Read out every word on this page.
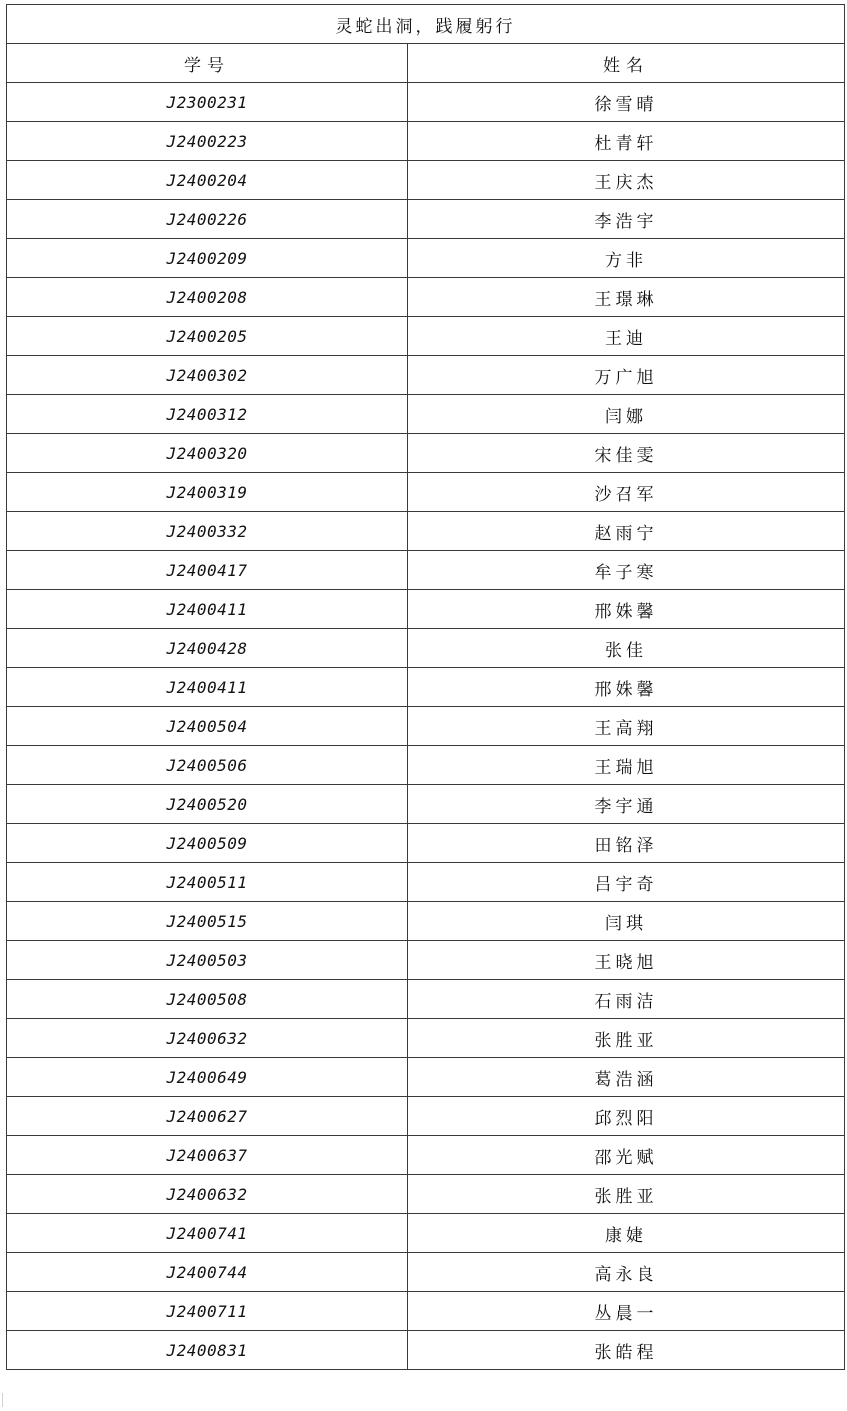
灵蛇出洞，践履躬行	
学号	姓名
J2300231	徐雪晴
J2400223	杜青轩
J2400204	王庆杰
J2400226	李浩宇
J2400209	方非
J2400208	王璟琳
J2400205	王迪
J2400302	万广旭
J2400312	闫娜
J2400320	宋佳雯
J2400319	沙召军
J2400332	赵雨宁
J2400417	牟子寒
J2400411	邢姝馨
J2400428	张佳
J2400411	邢姝馨
J2400504	王高翔
J2400506	王瑞旭
J2400520	李宇通
J2400509	田铭泽
J2400511	吕宇奇
J2400515	闫琪
J2400503	王晓旭
J2400508	石雨洁
J2400632	张胜亚
J2400649	葛浩涵
J2400627	邱烈阳
J2400637	邵光赋
J2400632	张胜亚
J2400741	康婕
J2400744	高永良
J2400711	丛晨一
J2400831	张皓程
